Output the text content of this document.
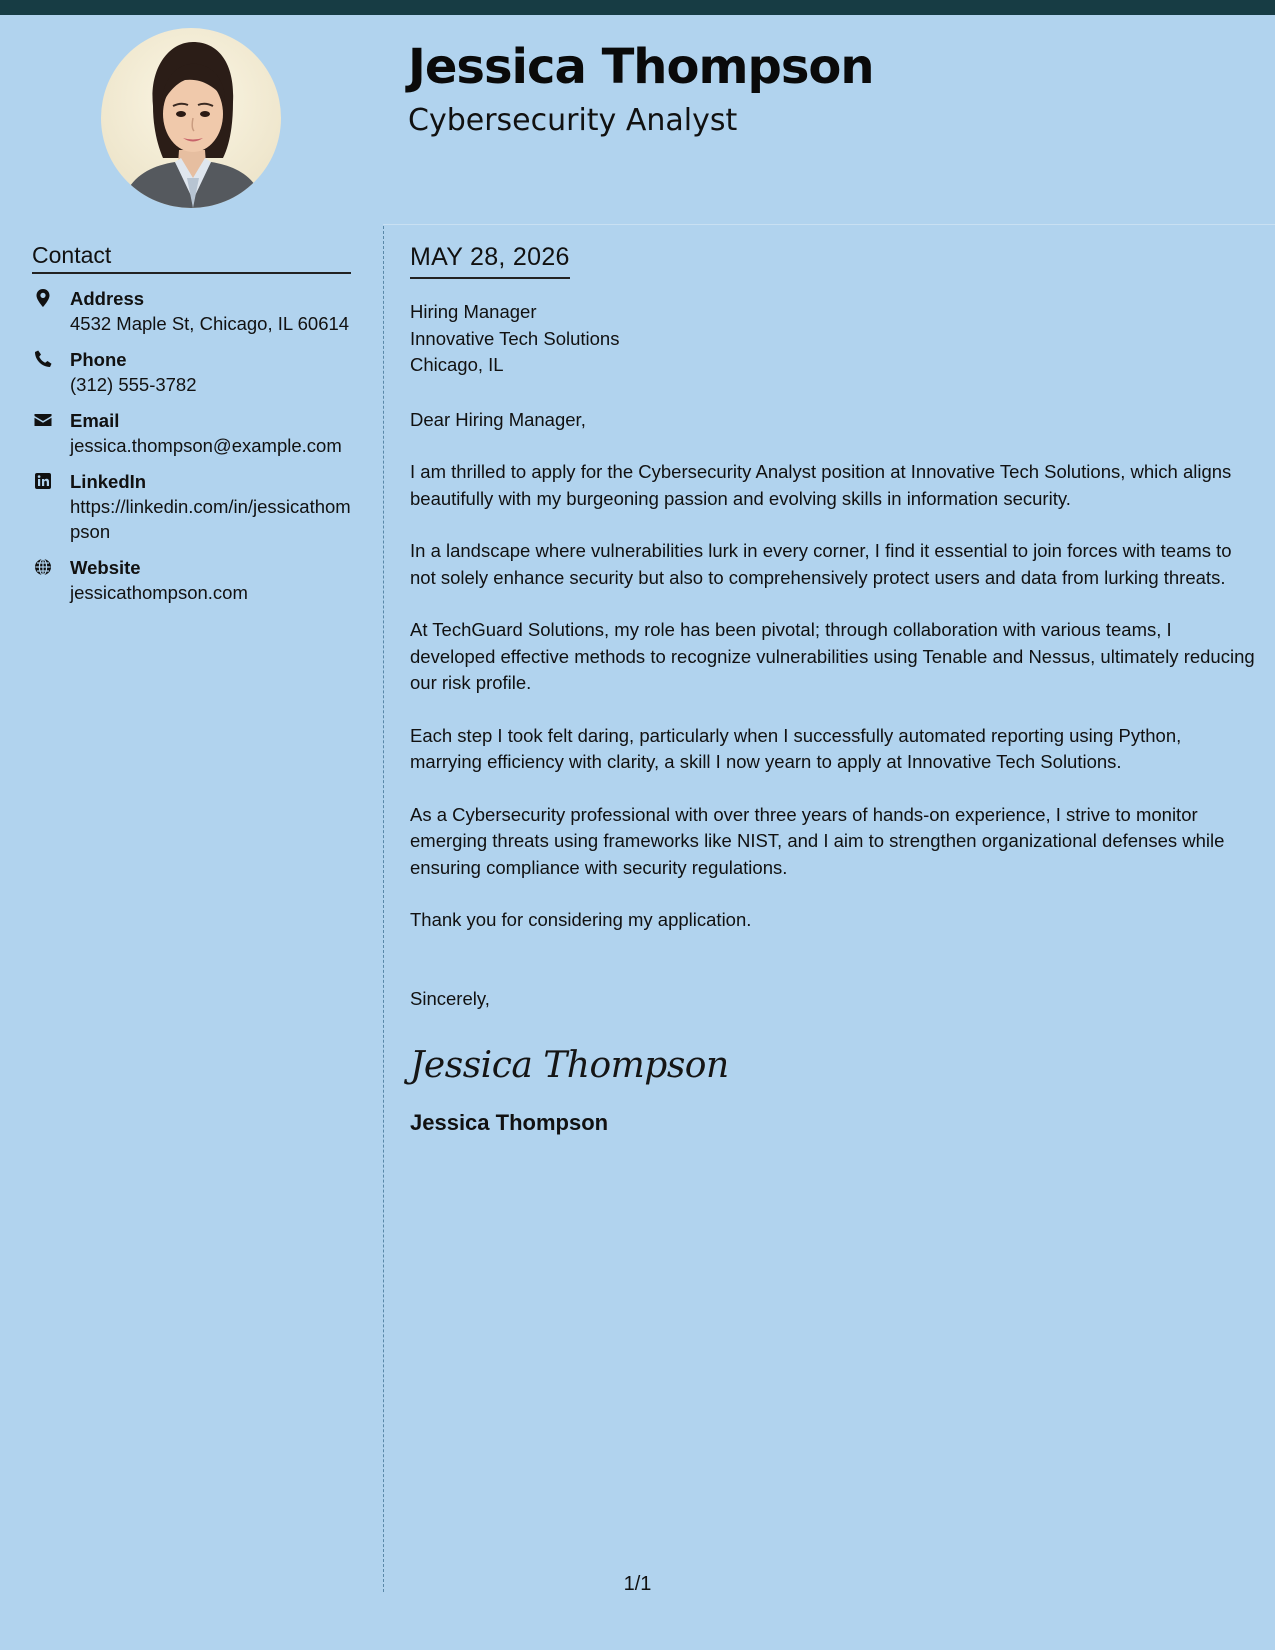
Jessica Thompson
Cybersecurity Analyst
Contact
Address
4532 Maple St, Chicago, IL 60614
Phone
(312) 555-3782
Email
jessica.thompson@example.com
LinkedIn
https://linkedin.com/in/jessicathompson
Website
jessicathompson.com
MAY 28, 2026
Hiring Manager
Innovative Tech Solutions
Chicago, IL
Dear Hiring Manager,

I am thrilled to apply for the Cybersecurity Analyst position at Innovative Tech Solutions, which aligns beautifully with my burgeoning passion and evolving skills in information security.

In a landscape where vulnerabilities lurk in every corner, I find it essential to join forces with teams to not solely enhance security but also to comprehensively protect users and data from lurking threats.

At TechGuard Solutions, my role has been pivotal; through collaboration with various teams, I developed effective methods to recognize vulnerabilities using Tenable and Nessus, ultimately reducing our risk profile.

Each step I took felt daring, particularly when I successfully automated reporting using Python, marrying efficiency with clarity, a skill I now yearn to apply at Innovative Tech Solutions.

As a Cybersecurity professional with over three years of hands-on experience, I strive to monitor emerging threats using frameworks like NIST, and I aim to strengthen organizational defenses while ensuring compliance with security regulations.

Thank you for considering my application.

Sincerely,
Jessica Thompson
Jessica Thompson
1/1
